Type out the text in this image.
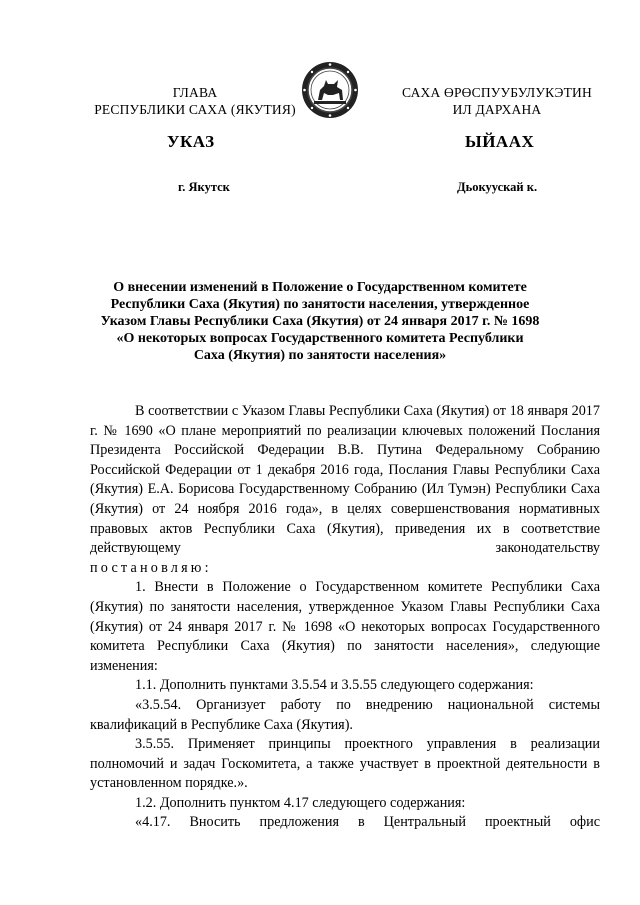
ГЛАВА
РЕСПУБЛИКИ САХА (ЯКУТИЯ)
САХА ӨРӨСПУУБУЛУКЭТИН
ИЛ ДАРХАНА
УКАЗ	ЫЙААХ
г. Якутск	Дьокуускай к.
О внесении изменений в Положение о Государственном комитете
Республики Саха (Якутия) по занятости населения, утвержденное
Указом Главы Республики Саха (Якутия) от 24 января 2017 г. № 1698
«О некоторых вопросах Государственного комитета Республики
Саха (Якутия) по занятости населения»

В соответствии с Указом Главы Республики Саха (Якутия) от 18 января 2017 г. № 1690 «О плане мероприятий по реализации ключевых положений Послания Президента Российской Федерации В.В. Путина Федеральному Собранию Российской Федерации от 1 декабря 2016 года, Послания Главы Республики Саха (Якутия) Е.А. Борисова Государственному Собранию (Ил Тумэн) Республики Саха (Якутия) от 24 ноября 2016 года», в целях совершенствования нормативных правовых актов Республики Саха (Якутия), приведения их в соответствие действующему законодательству

постановляю:

1. Внести в Положение о Государственном комитете Республики Саха (Якутия) по занятости населения, утвержденное Указом Главы Республики Саха (Якутия) от 24 января 2017 г. № 1698 «О некоторых вопросах Государственного комитета Республики Саха (Якутия) по занятости населения», следующие изменения:

1.1. Дополнить пунктами 3.5.54 и 3.5.55 следующего содержания:

«3.5.54. Организует работу по внедрению национальной системы квалификаций в Республике Саха (Якутия).

3.5.55. Применяет принципы проектного управления в реализации полномочий и задач Госкомитета, а также участвует в проектной деятельности в установленном порядке.».

1.2. Дополнить пунктом 4.17 следующего содержания:

«4.17. Вносить предложения в Центральный проектный офис
